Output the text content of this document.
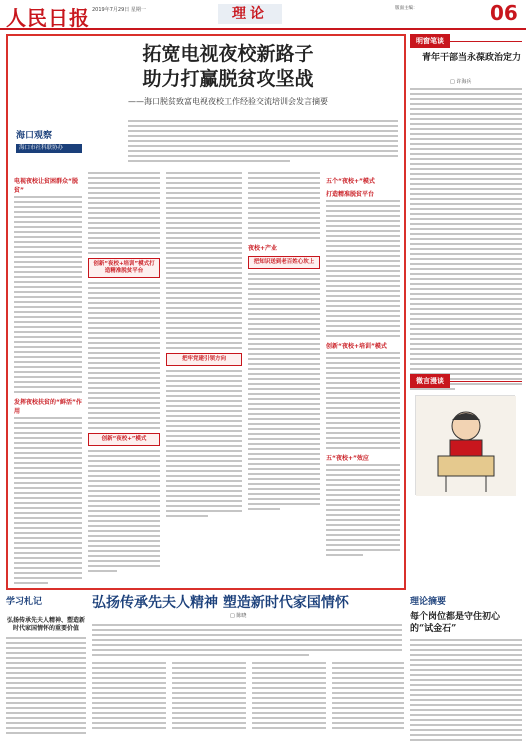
人民日报 2019年7月29日 星期一	理论	版面主编：	06
拓宽电视夜校新路子
助力打赢脱贫攻坚战
——海口脱贫致富电视夜校工作经验交流培训会发言摘要
海口观察
海口市社科联协办
电视夜校让贫困群众“脱贫”
发挥夜校扶贫的“鲜活”作用
创新“夜校+培训”模式打造精准脱贫平台
创新“夜校+”模式
把牢党建引领方向
夜校+产业
把知识送到老百姓心坎上
五个“夜校+”模式
打造精准脱贫平台
创新“夜校+培训”模式
五“夜校+”效应
明窗笔谈
青年干部当永葆政治定力
□ 许海兵
微言漫谈
弘扬传承先夫人精神 塑造新时代家国情怀
□ 陈晓
学习札记
弘扬传承先夫人精神、塑造新时代家国情怀的重要价值
理论摘要
每个岗位都是守住初心的“试金石”
